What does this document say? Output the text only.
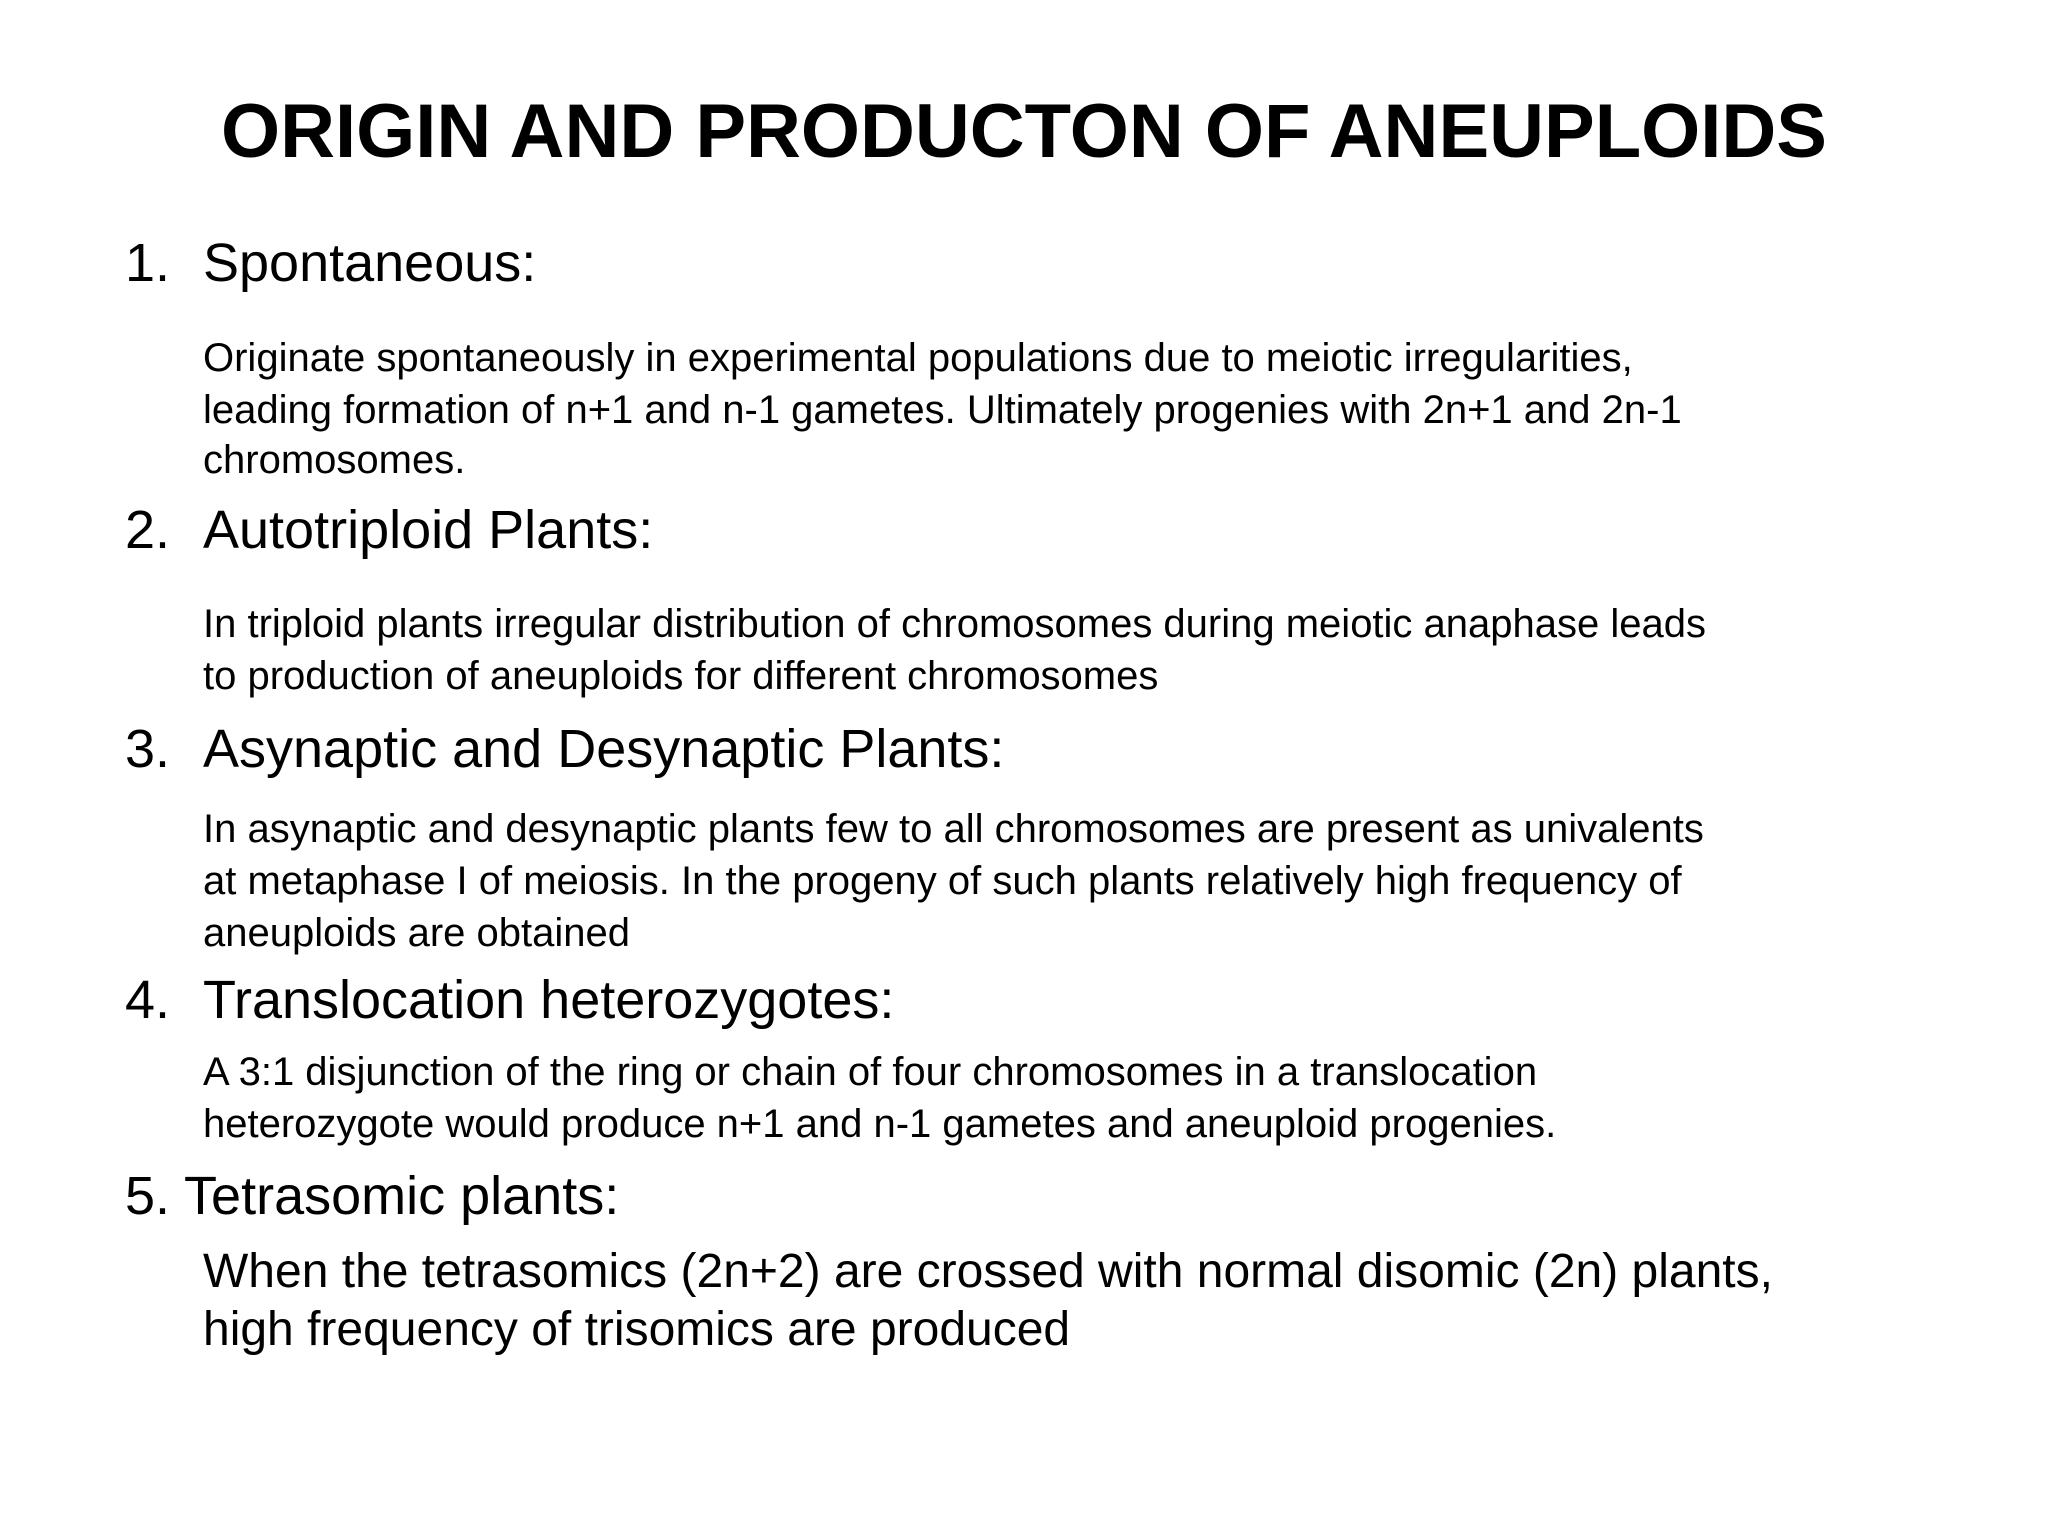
ORIGIN AND PRODUCTON OF ANEUPLOIDS
1. Spontaneous:
Originate spontaneously in experimental populations due to meiotic irregularities,
leading formation of n+1 and n-1 gametes. Ultimately progenies with 2n+1 and 2n-1
chromosomes.
2. Autotriploid Plants:
In triploid plants irregular distribution of chromosomes during meiotic anaphase leads
to production of aneuploids for different chromosomes
3. Asynaptic and Desynaptic Plants:
In asynaptic and desynaptic plants few to all chromosomes are present as univalents
at metaphase I of meiosis. In the progeny of such plants relatively high frequency of
aneuploids are obtained
4. Translocation heterozygotes:
A 3:1 disjunction of the ring or chain of four chromosomes in a translocation
heterozygote would produce n+1 and n-1 gametes and aneuploid progenies.
5. Tetrasomic plants:
When the tetrasomics (2n+2) are crossed with normal disomic (2n) plants,
high frequency of trisomics are produced
